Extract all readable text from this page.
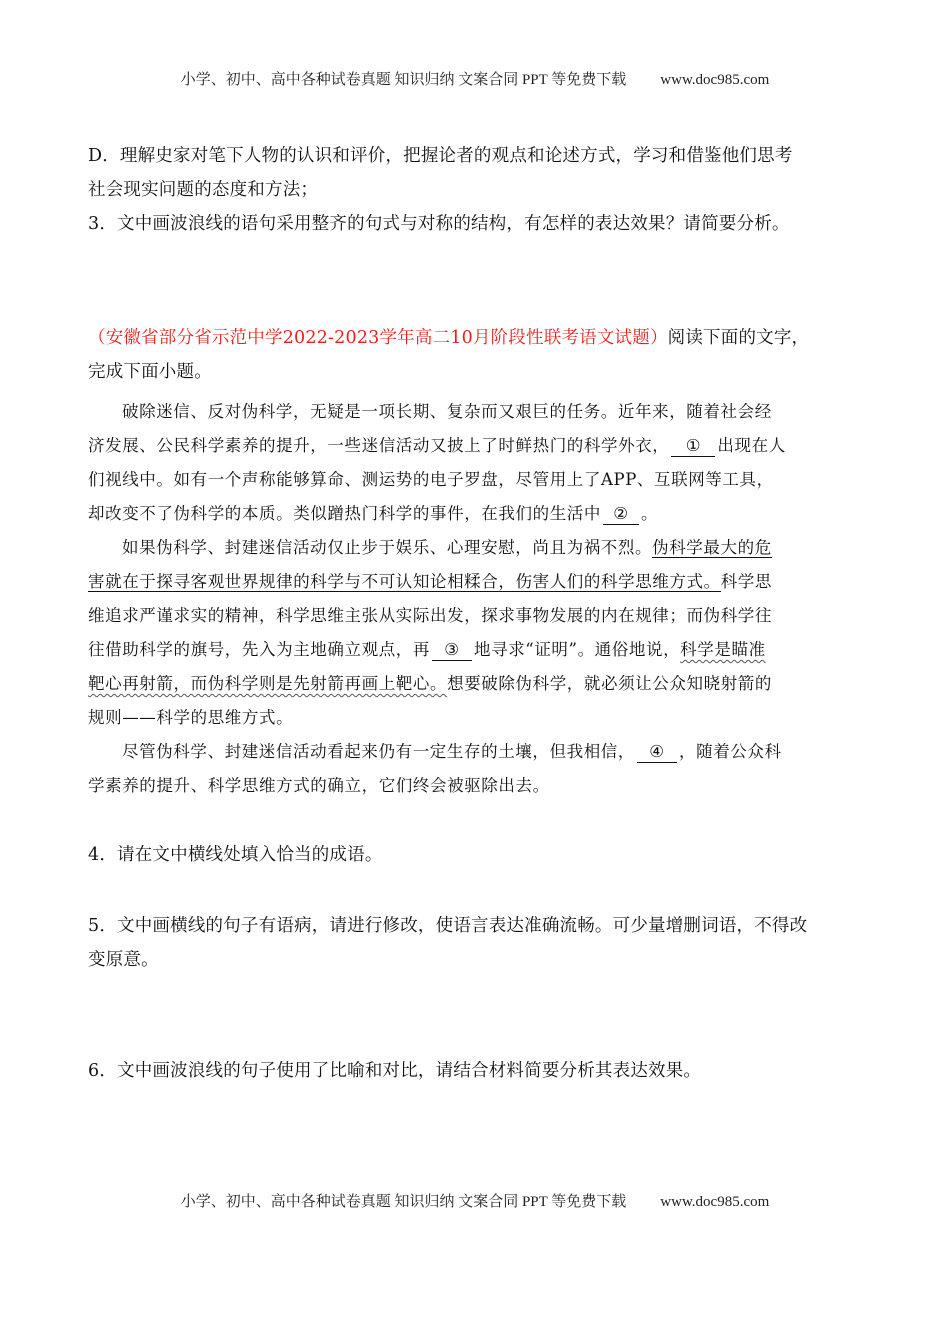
小学、初中、高中各种试卷真题 知识归纳 文案合同 PPT 等免费下载 www.doc985.com
D．理解史家对笔下人物的认识和评价，把握论者的观点和论述方式，学习和借鉴他们思考
社会现实问题的态度和方法；
3．文中画波浪线的语句采用整齐的句式与对称的结构，有怎样的表达效果？请简要分析。
（安徽省部分省示范中学2022-2023学年高二10月阶段性联考语文试题）阅读下面的文字，
完成下面小题。
破除迷信、反对伪科学，无疑是一项长期、复杂而又艰巨的任务。近年来，随着社会经
济发展、公民科学素养的提升，一些迷信活动又披上了时鲜热门的科学外衣， ① 出现在人
们视线中。如有一个声称能够算命、测运势的电子罗盘，尽管用上了APP、互联网等工具，
却改变不了伪科学的本质。类似蹭热门科学的事件，在我们的生活中 ② 。
如果伪科学、封建迷信活动仅止步于娱乐、心理安慰，尚且为祸不烈。伪科学最大的危
害就在于探寻客观世界规律的科学与不可认知论相糅合，伤害人们的科学思维方式。科学思
维追求严谨求实的精神，科学思维主张从实际出发，探求事物发展的内在规律；而伪科学往
往借助科学的旗号，先入为主地确立观点，再 ③ 地寻求“证明”。通俗地说，科学是瞄准
靶心再射箭，而伪科学则是先射箭再画上靶心。想要破除伪科学，就必须让公众知晓射箭的
规则——科学的思维方式。
尽管伪科学、封建迷信活动看起来仍有一定生存的土壤，但我相信， ④ ，随着公众科
学素养的提升、科学思维方式的确立，它们终会被驱除出去。
4．请在文中横线处填入恰当的成语。
5．文中画横线的句子有语病，请进行修改，使语言表达准确流畅。可少量增删词语，不得改
变原意。
6．文中画波浪线的句子使用了比喻和对比，请结合材料简要分析其表达效果。
小学、初中、高中各种试卷真题 知识归纳 文案合同 PPT 等免费下载 www.doc985.com
